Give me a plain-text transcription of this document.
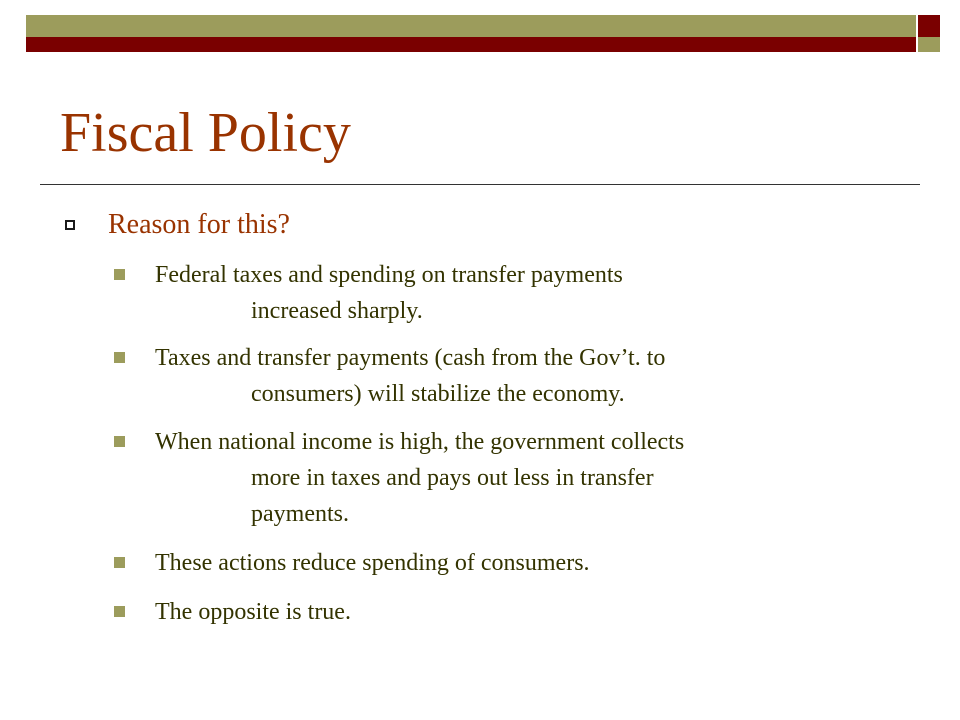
Fiscal Policy
Reason for this?
Federal taxes and spending on transfer payments
increased sharply.
Taxes and transfer payments (cash from the Gov’t. to
consumers) will stabilize the economy.
When national income is high, the government collects
more in taxes and pays out less in transfer
payments.
These actions reduce spending of consumers.
The opposite is true.
